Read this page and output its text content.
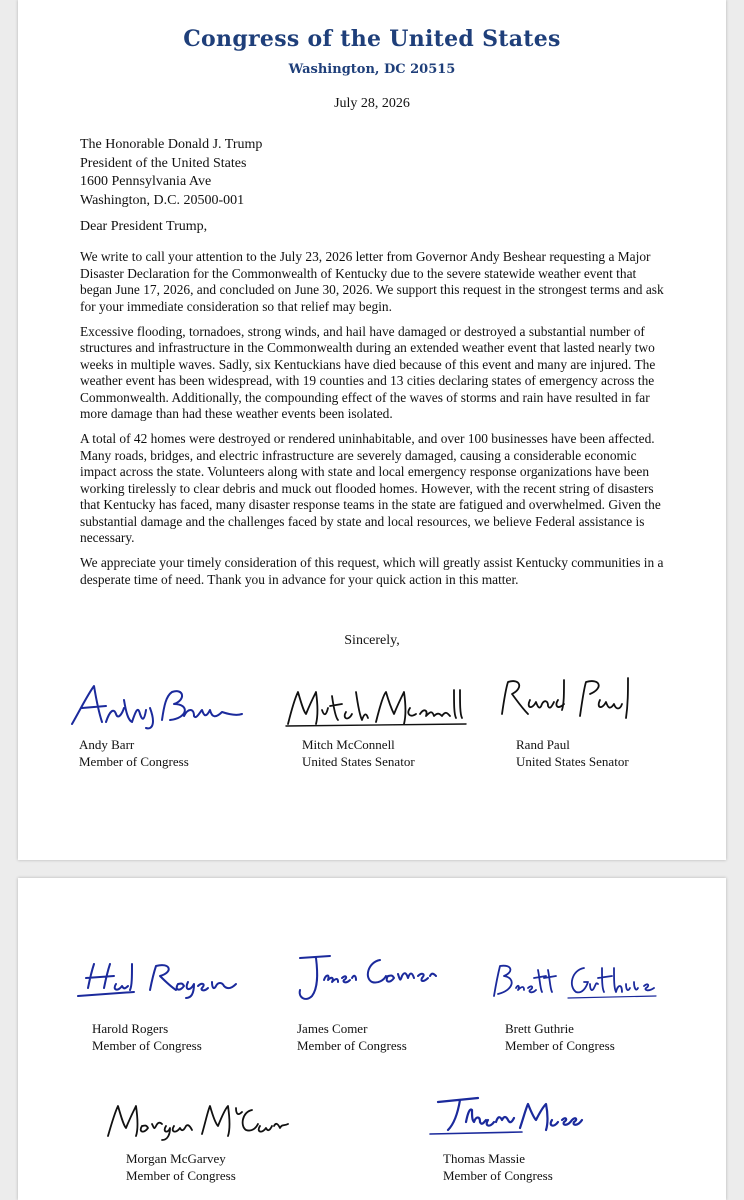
Congress of the United States
Washington, DC 20515
July 28, 2026
The Honorable Donald J. Trump
President of the United States
1600 Pennsylvania Ave
Washington, D.C. 20500-001
Dear President Trump,

We write to call your attention to the July 23, 2026 letter from Governor Andy Beshear requesting a Major Disaster Declaration for the Commonwealth of Kentucky due to the severe statewide weather event that began June 17, 2026, and concluded on June 30, 2026. We support this request in the strongest terms and ask for your immediate consideration so that relief may begin.

Excessive flooding, tornadoes, strong winds, and hail have damaged or destroyed a substantial number of structures and infrastructure in the Commonwealth during an extended weather event that lasted nearly two weeks in multiple waves. Sadly, six Kentuckians have died because of this event and many are injured. The weather event has been widespread, with 19 counties and 13 cities declaring states of emergency across the Commonwealth. Additionally, the compounding effect of the waves of storms and rain have resulted in far more damage than had these weather events been isolated.

A total of 42 homes were destroyed or rendered uninhabitable, and over 100 businesses have been affected. Many roads, bridges, and electric infrastructure are severely damaged, causing a considerable economic impact across the state. Volunteers along with state and local emergency response organizations have been working tirelessly to clear debris and muck out flooded homes. However, with the recent string of disasters that Kentucky has faced, many disaster response teams in the state are fatigued and overwhelmed. Given the substantial damage and the challenges faced by state and local resources, we believe Federal assistance is necessary.

We appreciate your timely consideration of this request, which will greatly assist Kentucky communities in a desperate time of need. Thank you in advance for your quick action in this matter.

Sincerely,
Andy Barr
Member of Congress
Mitch McConnell
United States Senator
Rand Paul
United States Senator
Harold Rogers
Member of Congress
James Comer
Member of Congress
Brett Guthrie
Member of Congress
Morgan McGarvey
Member of Congress
Thomas Massie
Member of Congress
